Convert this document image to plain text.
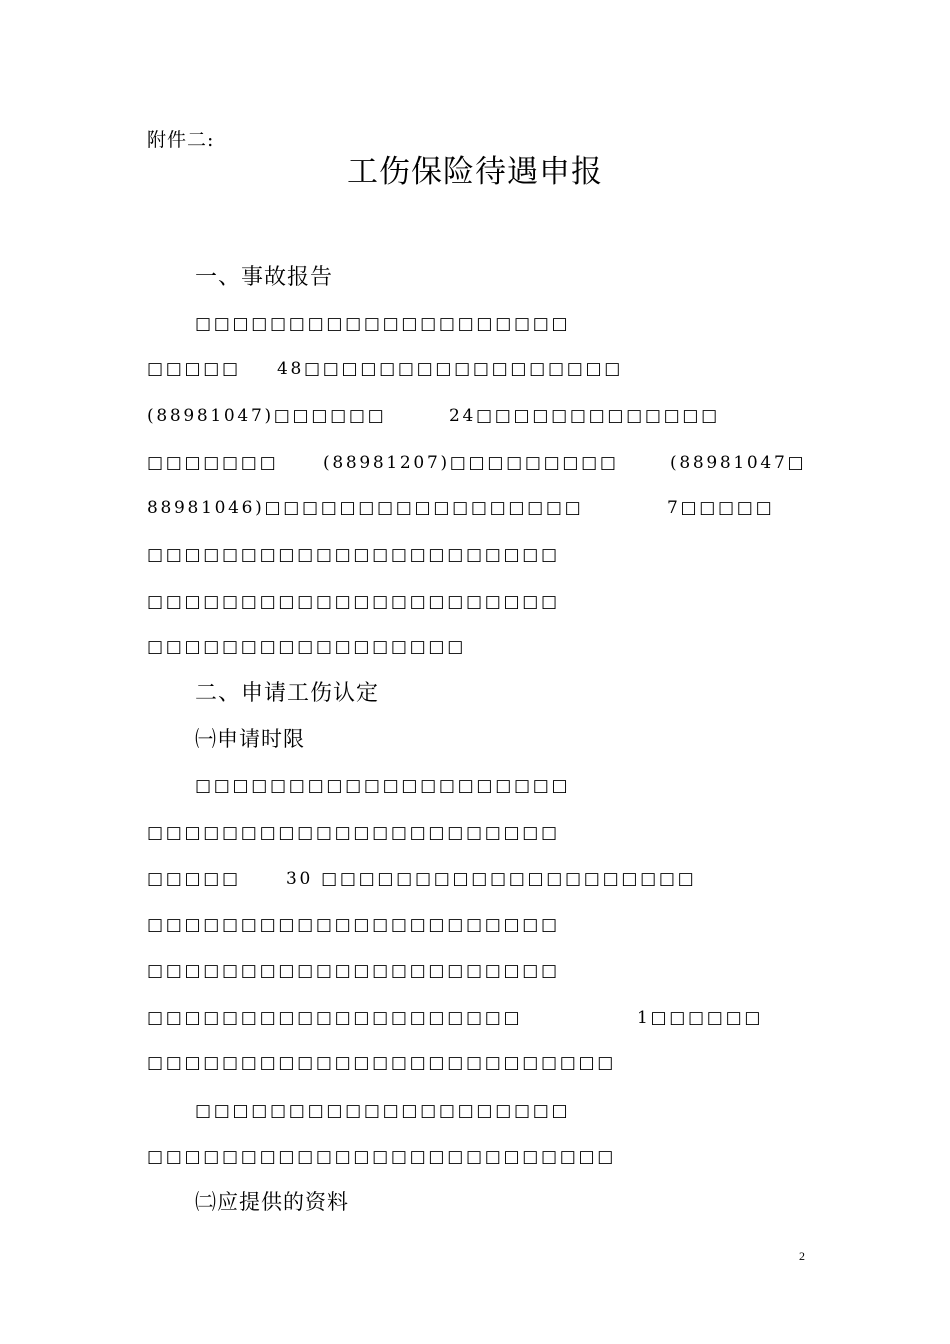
附件二:
工伤保险待遇申报
一、事故报告
□□□□□□□□□□□□□□□□□□□□
□□□□□ 48□□□□□□□□□□□□□□□□□
(88981047)□□□□□□	24□□□□□□□□□□□□□
□□□□□□□	(88981207)□□□□□□□□□	(88981047□
88981046)□□□□□□□□□□□□□□□□□	7□□□□□
□□□□□□□□□□□□□□□□□□□□□□
□□□□□□□□□□□□□□□□□□□□□□
□□□□□□□□□□□□□□□□□
二、申请工伤认定
㈠申请时限
□□□□□□□□□□□□□□□□□□□□
□□□□□□□□□□□□□□□□□□□□□□
□□□□□	30 □□□□□□□□□□□□□□□□□□□□
□□□□□□□□□□□□□□□□□□□□□□
□□□□□□□□□□□□□□□□□□□□□□
□□□□□□□□□□□□□□□□□□□□	1□□□□□□
□□□□□□□□□□□□□□□□□□□□□□□□□
□□□□□□□□□□□□□□□□□□□□
□□□□□□□□□□□□□□□□□□□□□□□□□
㈡应提供的资料
2
